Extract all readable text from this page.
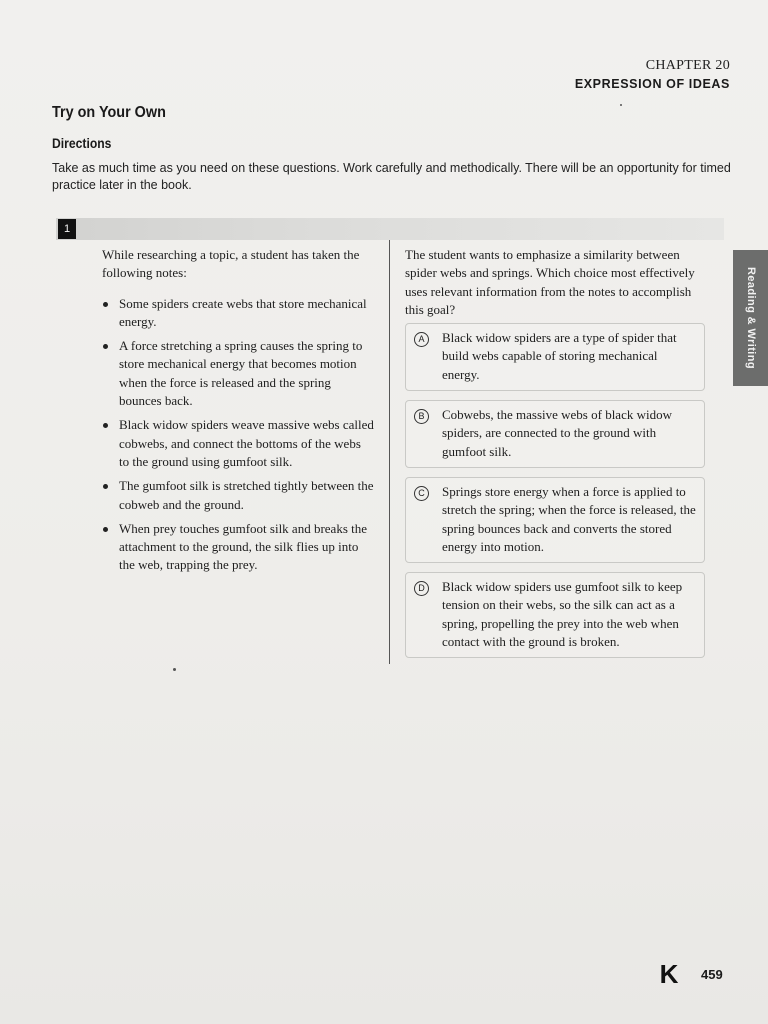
CHAPTER 20
EXPRESSION OF IDEAS
Try on Your Own
Directions
Take as much time as you need on these questions. Work carefully and methodically. There will be an opportunity for timed practice later in the book.
1

While researching a topic, a student has taken the following notes:

Some spiders create webs that store mechanical energy.
A force stretching a spring causes the spring to store mechanical energy that becomes motion when the force is released and the spring bounces back.
Black widow spiders weave massive webs called cobwebs, and connect the bottoms of the webs to the ground using gumfoot silk.
The gumfoot silk is stretched tightly between the cobweb and the ground.
When prey touches gumfoot silk and breaks the attachment to the ground, the silk flies up into the web, trapping the prey.

The student wants to emphasize a similarity between spider webs and springs. Which choice most effectively uses relevant information from the notes to accomplish this goal?

A	Black widow spiders are a type of spider that build webs capable of storing mechanical energy.
B	Cobwebs, the massive webs of black widow spiders, are connected to the ground with gumfoot silk.
C	Springs store energy when a force is applied to stretch the spring; when the force is released, the spring bounces back and converts the stored energy into motion.
D	Black widow spiders use gumfoot silk to keep tension on their webs, so the silk can act as a spring, propelling the prey into the web when contact with the ground is broken.
Reading & Writing
K 459
